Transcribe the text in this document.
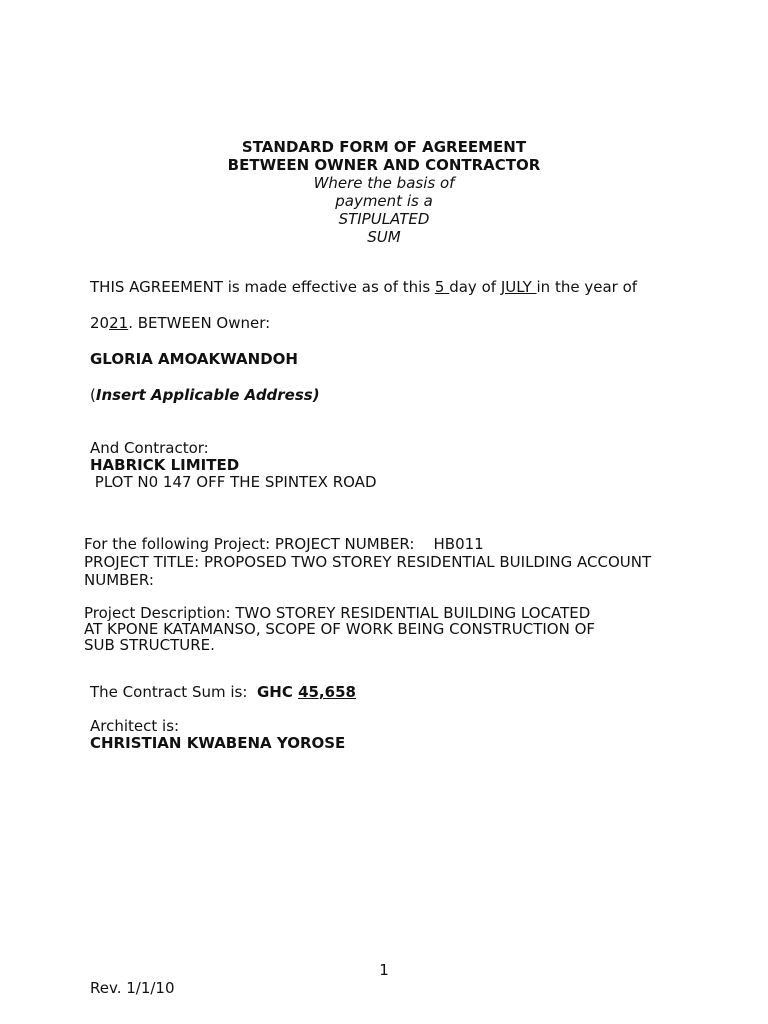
STANDARD FORM OF AGREEMENT
BETWEEN OWNER AND CONTRACTOR
Where the basis of
payment is a
STIPULATED
SUM
THIS AGREEMENT is made effective as of this 5 day of JULY in the year of
2021. BETWEEN Owner:
GLORIA AMOAKWANDOH
(Insert Applicable Address)
And Contractor:
HABRICK LIMITED
PLOT N0 147 OFF THE SPINTEX ROAD
For the following Project: PROJECT NUMBER:    HB011
PROJECT TITLE: PROPOSED TWO STOREY RESIDENTIAL BUILDING ACCOUNT
NUMBER:
Project Description: TWO STOREY RESIDENTIAL BUILDING LOCATED
AT KPONE KATAMANSO, SCOPE OF WORK BEING CONSTRUCTION OF
SUB STRUCTURE.
The Contract Sum is:  GHC 45,658
Architect is:
CHRISTIAN KWABENA YOROSE
1
Rev. 1/1/10
